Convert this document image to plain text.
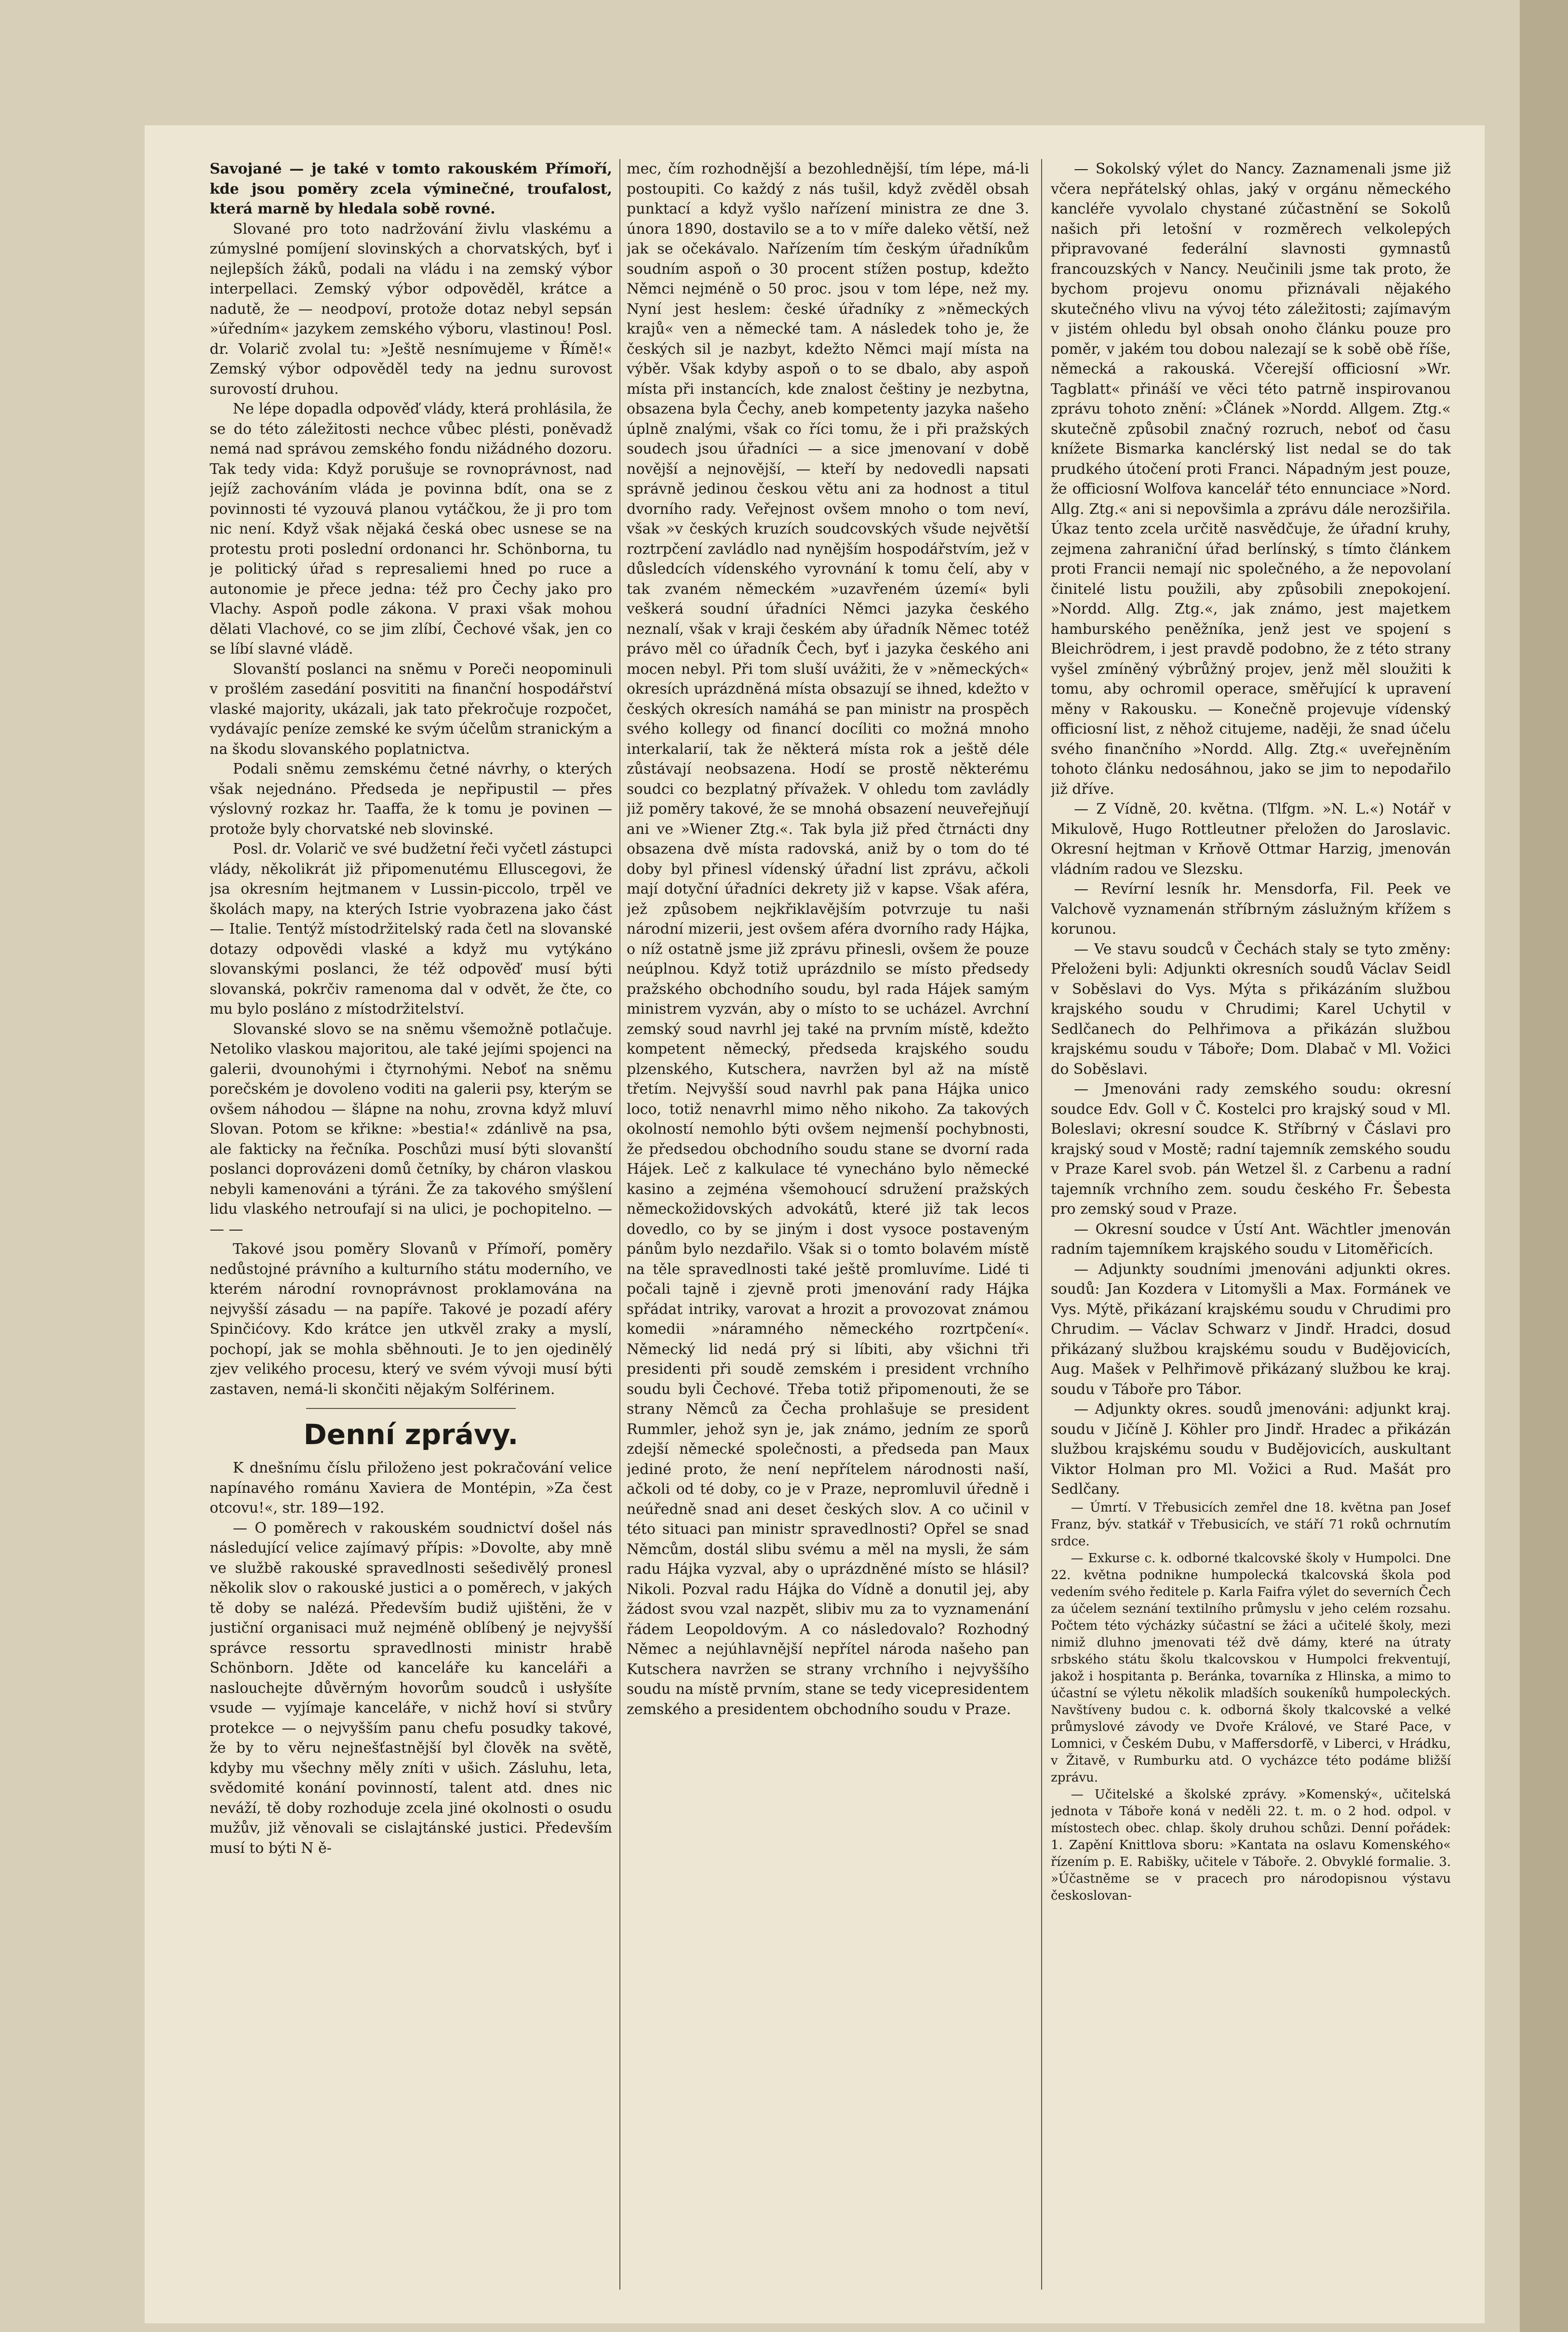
Savojané — je také v tomto rakouském Přímoří, kde jsou poměry zcela výminečné, troufalost, která marně by hledala sobě rovné.

Slované pro toto nadržování živlu vlaskému a zúmyslné pomíjení slovinských a chorvatských, byť i nejlepších žáků, podali na vládu i na zemský výbor interpellaci. Zemský výbor odpověděl, krátce a nadutě, že — neodpoví, protože dotaz nebyl sepsán »úředním« jazykem zemského výboru, vlastinou! Posl. dr. Volarič zvolal tu: »Ještě nesnímujeme v Římě!« Zemský výbor odpověděl tedy na jednu surovost surovostí druhou.

Ne lépe dopadla odpověď vlády, která prohlásila, že se do této záležitosti nechce vůbec plésti, poněvadž nemá nad správou zemského fondu nižádného dozoru. Tak tedy vida: Když porušuje se rovnoprávnost, nad jejíž zachováním vláda je povinna bdít, ona se z povinnosti té vyzouvá planou vytáčkou, že ji pro tom nic není. Když však nějaká česká obec usnese se na protestu proti poslední ordonanci hr. Schönborna, tu je politický úřad s represaliemi hned po ruce a autonomie je přece jedna: též pro Čechy jako pro Vlachy. Aspoň podle zákona. V praxi však mohou dělati Vlachové, co se jim zlíbí, Čechové však, jen co se líbí slavné vládě.

Slovanští poslanci na sněmu v Poreči neopominuli v prošlém zasedání posvititi na finanční hospodářství vlaské majority, ukázali, jak tato překročuje rozpočet, vydávajíc peníze zemské ke svým účelům stranickým a na škodu slovanského poplatnictva.

Podali sněmu zemskému četné návrhy, o kterých však nejednáno. Předseda je nepřipustil — přes výslovný rozkaz hr. Taaffa, že k tomu je povinen — protože byly chorvatské neb slovinské.

Posl. dr. Volarič ve své budžetní řeči vyčetl zástupci vlády, několikrát již připomenutému Elluscegovi, že jsa okresním hejtmanem v Lussin-piccolo, trpěl ve školách mapy, na kterých Istrie vyobrazena jako část — Italie. Tentýž místodržitelský rada četl na slovanské dotazy odpovědi vlaské a když mu vytýkáno slovanskými poslanci, že též odpověď musí býti slovanská, pokrčiv ramenoma dal v odvět, že čte, co mu bylo posláno z místodržitelství.

Slovanské slovo se na sněmu všemožně potlačuje. Netoliko vlaskou majoritou, ale také jejími spojenci na galerii, dvounohými i čtyrnohými. Neboť na sněmu porečském je dovoleno voditi na galerii psy, kterým se ovšem náhodou — šlápne na nohu, zrovna když mluví Slovan. Potom se křikne: »bestia!« zdánlivě na psa, ale fakticky na řečníka. Poschůzi musí býti slovanští poslanci doprovázeni domů četníky, by cháron vlaskou nebyli kamenováni a týráni. Že za takového smýšlení lidu vlaského netroufají si na ulici, je pochopitelno. — — —

Takové jsou poměry Slovanů v Přímoří, poměry nedůstojné právního a kulturního státu moderního, ve kterém národní rovnoprávnost proklamována na nejvyšší zásadu — na papíře. Takové je pozadí aféry Spinčićovy. Kdo krátce jen utkvěl zraky a myslí, pochopí, jak se mohla sběhnouti. Je to jen ojedinělý zjev velikého procesu, který ve svém vývoji musí býti zastaven, nemá-li skončiti nějakým Solférinem.

Denní zprávy.

K dnešnímu číslu přiloženo jest pokračování velice napínavého románu Xaviera de Montépin, »Za čest otcovu!«, str. 189—192.

— O poměrech v rakouském soudnictví došel nás následující velice zajímavý přípis: »Dovolte, aby mně ve službě rakouské spravedlnosti sešedivělý pronesl několik slov o rakouské justici a o poměrech, v jakých tě doby se nalézá. Především budiž ujištěni, že v justiční organisaci muž nejméně oblíbený je nejvyšší správce ressortu spravedlnosti ministr hrabě Schönborn. Jděte od kanceláře ku kanceláři a naslouchejte důvěrným hovorům soudců i usłyšíte vsude — vyjímaje kanceláře, v nichž hoví si stvůry protekce — o nejvyšším panu chefu posudky takové, že by to věru nejnešťastnější byl člověk na světě, kdyby mu všechny měly zníti v ušich. Zásluhu, leta, svědomité konání povinností, talent atd. dnes nic neváží, tě doby rozhoduje zcela jiné okolnosti o osudu mužův, již věnovali se cislajtánské justici. Především musí to býti N ě-

mec, čím rozhodnější a bezohlednější, tím lépe, má-li postoupiti. Co každý z nás tušil, když zvěděl obsah punktací a když vyšlo nařízení ministra ze dne 3. února 1890, dostavilo se a to v míře daleko větší, než jak se očekávalo. Nařízením tím českým úřadníkům soudním aspoň o 30 procent stížen postup, kdežto Němci nejméně o 50 proc. jsou v tom lépe, než my. Nyní jest heslem: české úřadníky z »německých krajů« ven a německé tam. A následek toho je, že českých sil je nazbyt, kdežto Němci mají místa na výběr. Však kdyby aspoň o to se dbalo, aby aspoň místa při instancích, kde znalost češtiny je nezbytna, obsazena byla Čechy, aneb kompetenty jazyka našeho úplně znalými, však co říci tomu, že i při pražských soudech jsou úřadníci — a sice jmenovaní v době novější a nejnovější, — kteří by nedovedli napsati správně jedinou českou větu ani za hodnost a titul dvorního rady. Veřejnost ovšem mnoho o tom neví, však »v českých kruzích soudcovských všude největší roztrpčení zavládlo nad nynějším hospodářstvím, jež v důsledcích vídenského vyrovnání k tomu čelí, aby v tak zvaném německém »uzavřeném území« byli veškerá soudní úřadníci Němci jazyka českého neznalí, však v kraji českém aby úřadník Němec totéž právo měl co úřadník Čech, byť i jazyka českého ani mocen nebyl. Při tom sluší uvážiti, že v »německých« okresích uprázdněná místa obsazují se ihned, kdežto v českých okresích namáhá se pan ministr na prospěch svého kollegy od financí docíliti co možná mnoho interkalarií, tak že některá místa rok a ještě déle zůstávají neobsazena. Hodí se prostě některému soudci co bezplatný přívažek. V ohledu tom zavládly již poměry takové, že se mnohá obsazení neuveřejňují ani ve »Wiener Ztg.«. Tak byla již před čtrnácti dny obsazena dvě místa radovská, aniž by o tom do té doby byl přinesl vídenský úřadní list zprávu, ačkoli mají dotyční úřadníci dekrety již v kapse. Však aféra, jež způsobem nejkřiklavějším potvrzuje tu naši národní mizerii, jest ovšem aféra dvorního rady Hájka, o níž ostatně jsme již zprávu přinesli, ovšem že pouze neúplnou. Když totiž uprázdnilo se místo předsedy pražského obchodního soudu, byl rada Hájek samým ministrem vyzván, aby o místo to se ucházel. Avrchní zemský soud navrhl jej také na prvním místě, kdežto kompetent německý, předseda krajského soudu plzenského, Kutschera, navržen byl až na místě třetím. Nejvyšší soud navrhl pak pana Hájka unico loco, totiž nenavrhl mimo něho nikoho. Za takových okolností nemohlo býti ovšem nejmenší pochybnosti, že předsedou obchodního soudu stane se dvorní rada Hájek. Leč z kalkulace té vynecháno bylo německé kasino a zejména všemohoucí sdružení pražských německožidovských advokátů, které již tak lecos dovedlo, co by se jiným i dost vysoce postaveným pánům bylo nezdařilo. Však si o tomto bolavém místě na těle spravedlnosti také ještě promluvíme. Lidé ti počali tajně i zjevně proti jmenování rady Hájka spřádat intriky, varovat a hrozit a provozovat známou komedii »náramného německého rozrtpčení«. Německý lid nedá prý si líbiti, aby všichni tři presidenti při soudě zemském i president vrchního soudu byli Čechové. Třeba totiž připomenouti, že se strany Němců za Čecha prohlašuje se president Rummler, jehož syn je, jak známo, jedním ze sporů zdejší německé společnosti, a předseda pan Maux jediné proto, že není nepřítelem národnosti naší, ačkoli od té doby, co je v Praze, nepromluvil úředně i neúředně snad ani deset českých slov. A co učinil v této situaci pan ministr spravedlnosti? Opřel se snad Němcům, dostál slibu svému a měl na mysli, že sám radu Hájka vyzval, aby o uprázdněné místo se hlásil? Nikoli. Pozval radu Hájka do Vídně a donutil jej, aby žádost svou vzal nazpět, slibiv mu za to vyznamenání řádem Leopoldovým. A co následovalo? Rozhodný Němec a nejúhlavnější nepřítel národa našeho pan Kutschera navržen se strany vrchního i nejvyššího soudu na místě prvním, stane se tedy vicepresidentem zemského a presidentem obchodního soudu v Praze.

— Sokolský výlet do Nancy. Zaznamenali jsme již včera nepřátelský ohlas, jaký v orgánu německého kancléře vyvolalo chystané zúčastnění se Sokolů našich při letošní v rozměrech velkolepých připravované federální slavnosti gymnastů francouzských v Nancy. Neučinili jsme tak proto, že bychom projevu onomu přiznávali nějakého skutečného vlivu na vývoj této záležitosti; zajímavým v jistém ohledu byl obsah onoho článku pouze pro poměr, v jakém tou dobou nalezají se k sobě obě říše, německá a rakouská. Včerejší officiosní »Wr. Tagblatt« přináší ve věci této patrně inspirovanou zprávu tohoto znění: »Článek »Nordd. Allgem. Ztg.« skutečně způsobil značný rozruch, neboť od času knížete Bismarka kanclérský list nedal se do tak prudkého útočení proti Franci. Nápadným jest pouze, že officiosní Wolfova kancelář této ennunciace »Nord. Allg. Ztg.« ani si nepovšimla a zprávu dále nerozšiřila. Úkaz tento zcela určitě nasvědčuje, že úřadní kruhy, zejmena zahraniční úřad berlínský, s tímto článkem proti Francii nemají nic společného, a že nepovolaní činitelé listu použili, aby způsobili znepokojení. »Nordd. Allg. Ztg.«, jak známo, jest majetkem hamburského peněžníka, jenž jest ve spojení s Bleichrödrem, i jest pravdě podobno, že z této strany vyšel zmíněný výbrůžný projev, jenž měl sloužiti k tomu, aby ochromil operace, směřující k upravení měny v Rakousku. — Konečně projevuje vídenský officiosní list, z něhož citujeme, naději, že snad účelu svého finančního »Nordd. Allg. Ztg.« uveřejněním tohoto článku nedosáhnou, jako se jim to nepodařilo již dříve.

— Z Vídně, 20. května. (Tlfgm. »N. L.«) Notář v Mikulově, Hugo Rottleutner přeložen do Jaroslavic. Okresní hejtman v Krňově Ottmar Harzig, jmenován vládním radou ve Slezsku.

— Revírní lesník hr. Mensdorfa, Fil. Peek ve Valchově vyznamenán stříbrným záslužným křížem s korunou.

— Ve stavu soudců v Čechách staly se tyto změny: Přeloženi byli: Adjunkti okresních soudů Václav Seidl v Soběslavi do Vys. Mýta s přikázáním službou krajského soudu v Chrudimi; Karel Uchytil v Sedlčanech do Pelhřimova a přikázán službou krajskému soudu v Táboře; Dom. Dlabač v Ml. Vožici do Soběslavi.

— Jmenováni rady zemského soudu: okresní soudce Edv. Goll v Č. Kostelci pro krajský soud v Ml. Boleslavi; okresní soudce K. Stříbrný v Čáslavi pro krajský soud v Mostě; radní tajemník zemského soudu v Praze Karel svob. pán Wetzel šl. z Carbenu a radní tajemník vrchního zem. soudu českého Fr. Šebesta pro zemský soud v Praze.

— Okresní soudce v Ústí Ant. Wächtler jmenován radním tajemníkem krajského soudu v Litoměřicích.

— Adjunkty soudními jmenováni adjunkti okres. soudů: Jan Kozdera v Litomyšli a Max. Formánek ve Vys. Mýtě, přikázaní krajskému soudu v Chrudimi pro Chrudim. — Václav Schwarz v Jindř. Hradci, dosud přikázaný službou krajskému soudu v Budějovicích, Aug. Mašek v Pelhřimově přikázaný službou ke kraj. soudu v Táboře pro Tábor.

— Adjunkty okres. soudů jmenováni: adjunkt kraj. soudu v Jičíně J. Köhler pro Jindř. Hradec a přikázán službou krajskému soudu v Budějovicích, auskultant Viktor Holman pro Ml. Vožici a Rud. Mašát pro Sedlčany.

— Úmrtí. V Třebusicích zemřel dne 18. května pan Josef Franz, býv. statkář v Třebusicích, ve stáří 71 roků ochrnutím srdce.

— Exkurse c. k. odborné tkalcovské školy v Humpolci. Dne 22. května podnikne humpolecká tkalcovská škola pod vedením svého ředitele p. Karla Faifra výlet do severních Čech za účelem seznání textilního průmyslu v jeho celém rozsahu. Počtem této výcházky súčastní se žáci a učitelé školy, mezi nimiž dluhno jmenovati též dvě dámy, které na útraty srbského státu školu tkalcovskou v Humpolci frekventují, jakož i hospitanta p. Beránka, tovarníka z Hlinska, a mimo to účastní se výletu několik mladších soukeníků humpoleckých. Navštíveny budou c. k. odborná školy tkalcovské a velké průmyslové závody ve Dvoře Králové, ve Staré Pace, v Lomnici, v Českém Dubu, v Maffersdorfě, v Liberci, v Hrádku, v Žitavě, v Rumburku atd. O vycházce této podáme bližší zprávu.

— Učitelské a školské zprávy. »Komenský«, učitelská jednota v Táboře koná v neděli 22. t. m. o 2 hod. odpol. v místostech obec. chlap. školy druhou schůzi. Denní pořádek: 1. Zapění Knittlova sboru: »Kantata na oslavu Komenského« řízením p. E. Rabišky, učitele v Táboře. 2. Obvyklé formalie. 3. »Účastněme se v pracech pro národopisnou výstavu českoslovan-
